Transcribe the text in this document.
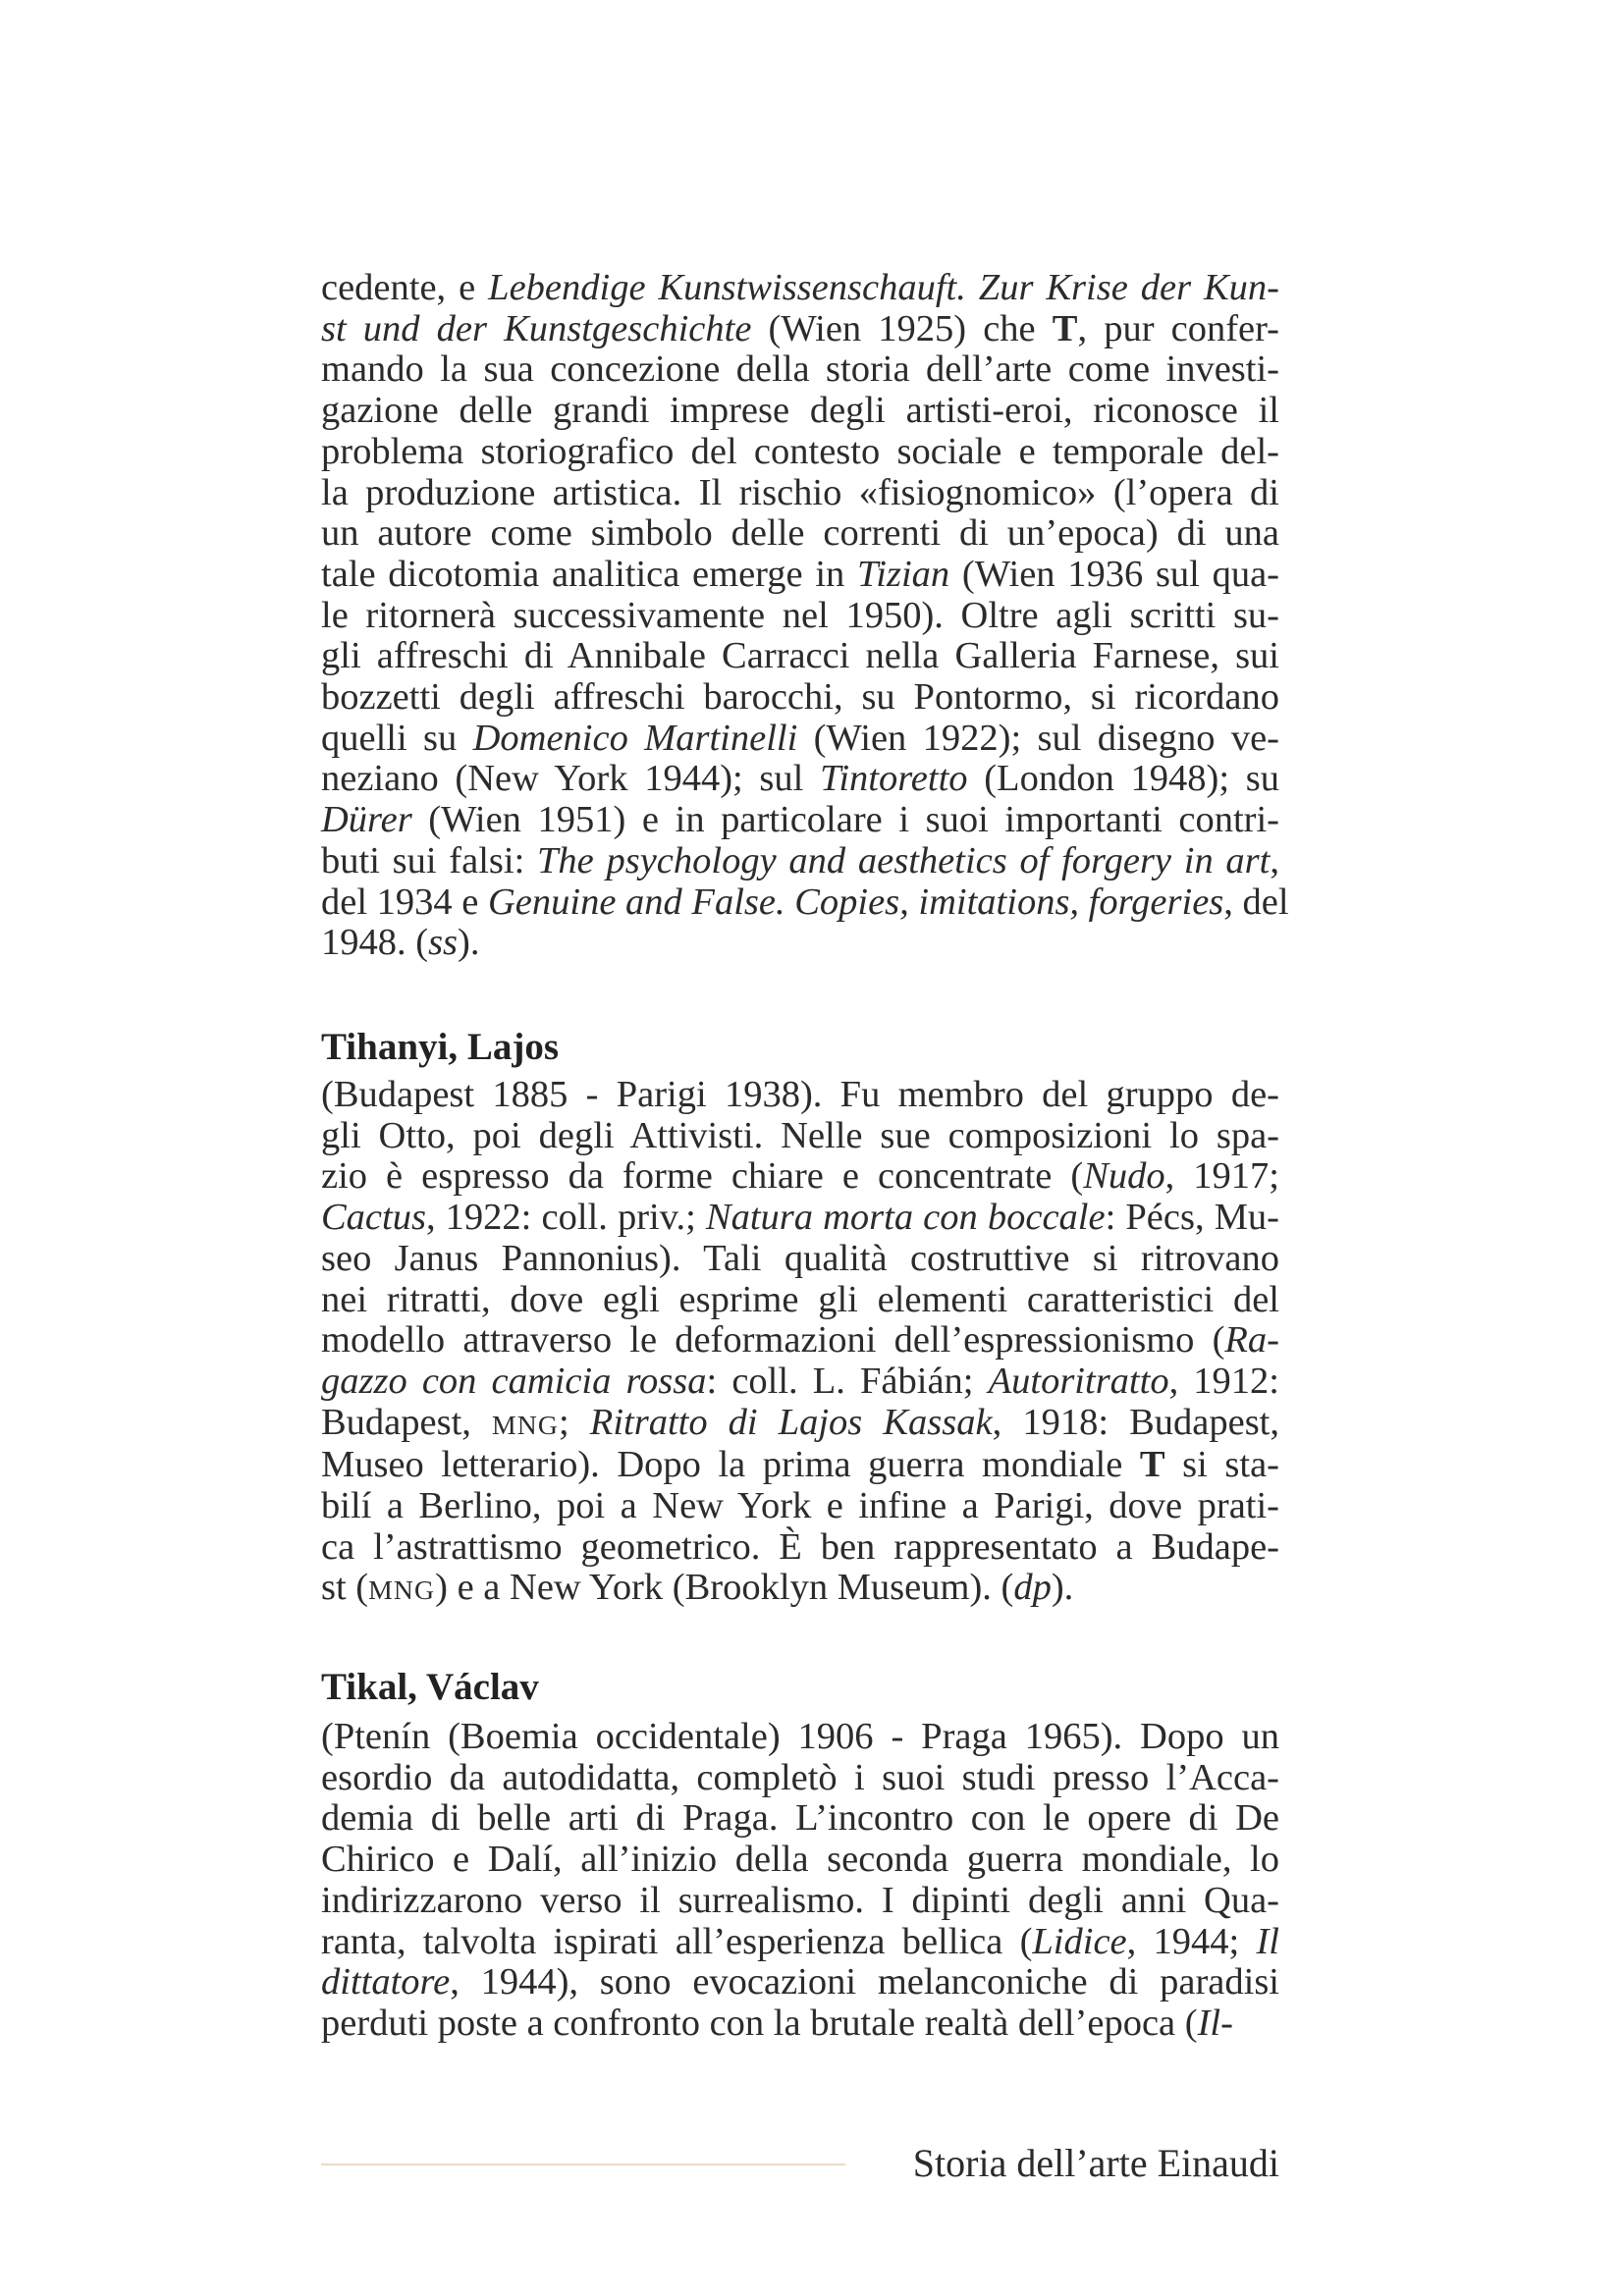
cedente, e Lebendige Kunstwissenschauft. Zur Krise der Kun-
st und der Kunstgeschichte (Wien 1925) che T, pur confer-
mando la sua concezione della storia dell’arte come investi-
gazione delle grandi imprese degli artisti-eroi, riconosce il
problema storiografico del contesto sociale e temporale del-
la produzione artistica. Il rischio «fisiognomico» (l’opera di
un autore come simbolo delle correnti di un’epoca) di una
tale dicotomia analitica emerge in Tizian (Wien 1936 sul qua-
le ritornerà successivamente nel 1950). Oltre agli scritti su-
gli affreschi di Annibale Carracci nella Galleria Farnese, sui
bozzetti degli affreschi barocchi, su Pontormo, si ricordano
quelli su Domenico Martinelli (Wien 1922); sul disegno ve-
neziano (New York 1944); sul Tintoretto (London 1948); su
Dürer (Wien 1951) e in particolare i suoi importanti contri-
buti sui falsi: The psychology and aesthetics of forgery in art,
del 1934 e Genuine and False. Copies, imitations, forgeries, del
1948. (ss).
Tihanyi, Lajos
(Budapest 1885 - Parigi 1938). Fu membro del gruppo de-
gli Otto, poi degli Attivisti. Nelle sue composizioni lo spa-
zio è espresso da forme chiare e concentrate (Nudo, 1917;
Cactus, 1922: coll. priv.; Natura morta con boccale: Pécs, Mu-
seo Janus Pannonius). Tali qualità costruttive si ritrovano
nei ritratti, dove egli esprime gli elementi caratteristici del
modello attraverso le deformazioni dell’espressionismo (Ra-
gazzo con camicia rossa: coll. L. Fábián; Autoritratto, 1912:
Budapest, MNG; Ritratto di Lajos Kassak, 1918: Budapest,
Museo letterario). Dopo la prima guerra mondiale T si sta-
bilí a Berlino, poi a New York e infine a Parigi, dove prati-
ca l’astrattismo geometrico. È ben rappresentato a Budape-
st (MNG) e a New York (Brooklyn Museum). (dp).
Tikal, Václav
(Ptenín (Boemia occidentale) 1906 - Praga 1965). Dopo un
esordio da autodidatta, completò i suoi studi presso l’Acca-
demia di belle arti di Praga. L’incontro con le opere di De
Chirico e Dalí, all’inizio della seconda guerra mondiale, lo
indirizzarono verso il surrealismo. I dipinti degli anni Qua-
ranta, talvolta ispirati all’esperienza bellica (Lidice, 1944; Il
dittatore, 1944), sono evocazioni melanconiche di paradisi
perduti poste a confronto con la brutale realtà dell’epoca (Il-
Storia dell’arte Einaudi
